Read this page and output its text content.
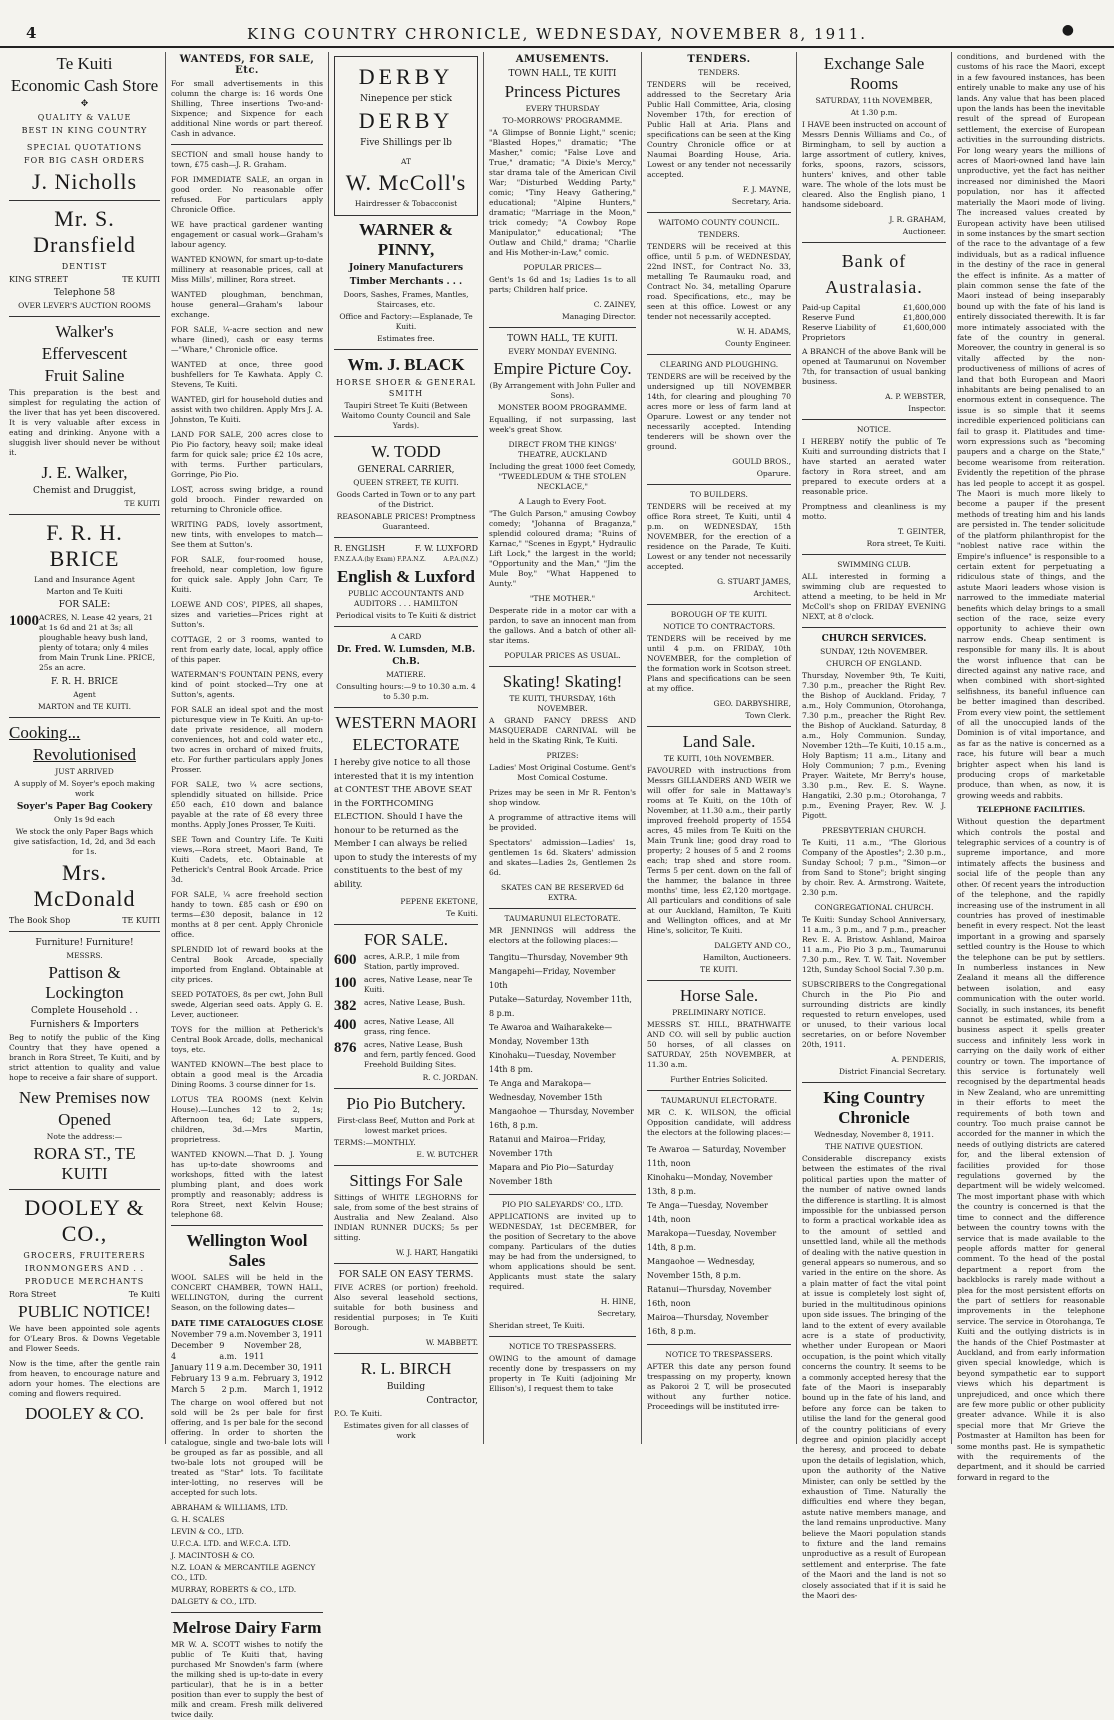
4	KING COUNTRY CHRONICLE, WEDNESDAY, NOVEMBER 8, 1911.	●
Te Kuiti
Economic Cash Store
✥
QUALITY & VALUE
BEST IN KING COUNTRY
SPECIAL QUOTATIONS
FOR BIG CASH ORDERS
J. Nicholls
Mr. S. Dransfield
DENTIST
KING STREET	TE KUITI
Telephone 58
OVER LEVER'S AUCTION ROOMS
Walker's
Effervescent
Fruit Saline

This preparation is the best and simplest for regulating the action of the liver that has yet been discovered. It is very valuable after excess in eating and drinking. Anyone with a sluggish liver should never be without it.

J. E. Walker,
Chemist and Druggist,
TE KUITI
F. R. H. BRICE
Land and Insurance Agent
Marton and Te Kuiti
FOR SALE:
1000 ACRES, N. Lease 42 years, 21 at 1s 6d and 21 at 3s; all ploughable heavy bush land, plenty of totara; only 4 miles from Main Trunk Line. PRICE, 25s an acre.
F. R. H. BRICE
Agent
MARTON and TE KUITI.
Cooking...
Revolutionised
JUST ARRIVED
A supply of M. Soyer's epoch making work
Soyer's Paper Bag Cookery
Only 1s 9d each
We stock the only Paper Bags which give satisfaction, 1d, 2d, and 3d each for 1s.
Mrs. McDonald
The Book Shop	TE KUITI
Furniture! Furniture!
MESSRS.
Pattison & Lockington
Complete Household . .
Furnishers & Importers

Beg to notify the public of the King Country that they have opened a branch in Rora Street, Te Kuiti, and by strict attention to quality and value hope to receive a fair share of support.

New Premises now
Opened
Note the address:—
RORA ST., TE KUITI
DOOLEY & CO.,
GROCERS, FRUITERERS
IRONMONGERS AND . .
PRODUCE MERCHANTS
Rora Street	Te Kuiti
PUBLIC NOTICE!

We have been appointed sole agents for O'Leary Bros. & Downs Vegetable and Flower Seeds.

Now is the time, after the gentle rain from heaven, to encourage nature and adorn your homes. The elections are coming and flowers required.

DOOLEY & CO.
WANTEDS, FOR SALE, Etc.

For small advertisements in this column the charge is: 16 words One Shilling, Three insertions Two-and-Sixpence; and Sixpence for each additional Nine words or part thereof. Cash in advance.

SECTION and small house handy to town, £75 cash—J. R. Graham.

FOR IMMEDIATE SALE, an organ in good order. No reasonable offer refused. For particulars apply Chronicle Office.

WE have practical gardener wanting engagement or casual work—Graham's labour agency.

WANTED KNOWN, for smart up-to-date millinery at reasonable prices, call at Miss Mills', milliner, Rora street.

WANTED ploughman, benchman, house general—Graham's labour exchange.

FOR SALE, ¼-acre section and new whare (lined), cash or easy terms—"Whare," Chronicle office.

WANTED at once, three good bushfellers for Te Kawhata. Apply C. Stevens, Te Kuiti.

WANTED, girl for household duties and assist with two children. Apply Mrs J. A. Johnston, Te Kuiti.

LAND FOR SALE, 200 acres close to Pio Pio factory, heavy soil; make ideal farm for quick sale; price £2 10s acre, with terms. Further particulars, Gorringe, Pio Pio.

LOST, across swing bridge, a round gold brooch. Finder rewarded on returning to Chronicle office.

WRITING PADS, lovely assortment, new tints, with envelopes to match—See them at Sutton's.

FOR SALE, four-roomed house, freehold, near completion, low figure for quick sale. Apply John Carr, Te Kuiti.

LOEWE AND COS', PIPES, all shapes, sizes and varieties—Prices right at Sutton's.

COTTAGE, 2 or 3 rooms, wanted to rent from early date, local, apply office of this paper.

WATERMAN'S FOUNTAIN PENS, every kind of point stocked—Try one at Sutton's, agents.

FOR SALE an ideal spot and the most picturesque view in Te Kuiti. An up-to-date private residence, all modern conveniences, hot and cold water etc., two acres in orchard of mixed fruits, etc. For further particulars apply Jones Prosser.

FOR SALE, two ¼ acre sections, splendidly situated on hillside. Price £50 each, £10 down and balance payable at the rate of £8 every three months. Apply Jones Prosser, Te Kuiti.

SEE Town and Country Life. Te Kuiti views,—Rora street, Maori Band, Te Kuiti Cadets, etc. Obtainable at Petherick's Central Book Arcade. Price 3d.

FOR SALE, ¼ acre freehold section handy to town. £85 cash or £90 on terms—£30 deposit, balance in 12 months at 8 per cent. Apply Chronicle office.

SPLENDID lot of reward books at the Central Book Arcade, specially imported from England. Obtainable at city prices.

SEED POTATOES, 8s per cwt, John Bull swede, Algerian seed oats. Apply G. E. Lever, auctioneer.

TOYS for the million at Petherick's Central Book Arcade, dolls, mechanical toys, etc.

WANTED KNOWN—The best place to obtain a good meal is the Arcadia Dining Rooms. 3 course dinner for 1s.

LOTUS TEA ROOMS (next Kelvin House).—Lunches 12 to 2, 1s; Afternoon tea, 6d; Late suppers, children, 3d.—Mrs Martin, proprietress.

WANTED KNOWN.—That D. J. Young has up-to-date showrooms and workshops, fitted with the latest plumbing plant, and does work promptly and reasonably; address is Rora Street, next Kelvin House; telephone 68.

Wellington Wool Sales

WOOL SALES will be held in the CONCERT CHAMBER, TOWN HALL, WELLINGTON, during the current Season, on the following dates—

DATE TIME CATALOGUES CLOSE
November 7 9 a.m. November 3, 1911
December 4
9 a.m.
November 28, 1911
January 11 9 a.m. December 30, 1911
February 13 9 a.m. February 3, 1912
March 5 2 p.m. March 1, 1912

The charge on wool offered but not sold will be 2s per bale for first offering, and 1s per bale for the second offering. In order to shorten the catalogue, single and two-bale lots will be grouped as far as possible, and all two-bale lots not grouped will be treated as "Star" lots. To facilitate inter-lotting, no reserves will be accepted for such lots.

ABRAHAM & WILLIAMS, LTD.
G. H. SCALES
LEVIN & CO., LTD.
U.F.C.A. LTD. and W.F.C.A. LTD.
J. MACINTOSH & CO.
N.Z. LOAN & MERCANTILE AGENCY CO., LTD.
MURRAY, ROBERTS & CO., LTD.
DALGETY & CO., LTD.
Melrose Dairy Farm

MR W. A. SCOTT wishes to notify the public of Te Kuiti that, having purchased Mr Snowden's farm (where the milking shed is up-to-date in every particular), that he is in a better position than ever to supply the best of milk and cream. Fresh milk delivered twice daily.

DERBY
Ninepence per stick
DERBY
Five Shillings per lb
AT
W. McColl's
Hairdresser & Tobacconist
WARNER & PINNY,
Joinery Manufacturers
Timber Merchants . . .
Doors, Sashes, Frames, Mantles, Staircases, etc.
Office and Factory:—Esplanade, Te Kuiti.
Estimates free.
Wm. J. BLACK
HORSE SHOER & GENERAL SMITH
Taupiri Street Te Kuiti (Between Waitomo County Council and Sale Yards).
W. TODD
GENERAL CARRIER,
QUEEN STREET, TE KUITI.
Goods Carted in Town or to any part of the District.
REASONABLE PRICES! Promptness Guaranteed.
R. ENGLISH	F. W. LUXFORD
F.N.Z.A.A.(by Exam) F.P.A.N.Z.	A.P.A.(N.Z.)
English & Luxford
PUBLIC ACCOUNTANTS AND AUDITORS . . . HAMILTON
Periodical visits to Te Kuiti & district
A CARD
Dr. Fred. W. Lumsden, M.B. Ch.B.
MATIERE.
Consulting hours:—9 to 10.30 a.m. 4 to 5.30 p.m.
WESTERN MAORI
ELECTORATE

I hereby give notice to all those interested that it is my intention at CONTEST THE ABOVE SEAT in the FORTHCOMING ELECTION. Should I have the honour to be returned as the Member I can always be relied upon to study the interests of my constituents to the best of my ability.

PEPENE EKETONE,
Te Kuiti.
FOR SALE.
600	acres, A.R.P., 1 mile from Station, partly improved.
100	acres, Native Lease, near Te Kuiti.
382	acres, Native Lease, Bush.
400	acres, Native Lease, All grass, ring fence.
876	acres, Native Lease, Bush and fern, partly fenced. Good Freehold Building Sites.
R. C. JORDAN.
Pio Pio Butchery.
First-class Beef, Mutton and Pork at lowest market prices.
TERMS:—MONTHLY.
E. W. BUTCHER
Sittings For Sale

Sittings of WHITE LEGHORNS for sale, from some of the best strains of Australia and New Zealand. Also INDIAN RUNNER DUCKS; 5s per sitting.

W. J. HART, Hangatiki
FOR SALE ON EASY TERMS.

FIVE ACRES (or portion) freehold. Also several leasehold sections, suitable for both business and residential purposes; in Te Kuiti Borough.

W. MABBETT.
R. L. BIRCH
Building
Contractor,
P.O. Te Kuiti.
Estimates given for all classes of work
AMUSEMENTS.
TOWN HALL, TE KUITI
Princess Pictures
EVERY THURSDAY
TO-MORROWS' PROGRAMME.

"A Glimpse of Bonnie Light," scenic; "Blasted Hopes," dramatic; "The Masher," comic; "False Love and True," dramatic; "A Dixie's Mercy," star drama tale of the American Civil War; "Disturbed Wedding Party," comic; "Tiny Heavy Gathering," educational; "Alpine Hunters," dramatic; "Marriage in the Moon," trick comedy; "A Cowboy Rope Manipulator," educational; "The Outlaw and Child," drama; "Charlie and His Mother-in-Law," comic.

POPULAR PRICES—

Gent's 1s 6d and 1s; Ladies 1s to all parts; Children half price.

C. ZAINEY,
Managing Director.
TOWN HALL, TE KUITI.
EVERY MONDAY EVENING.
Empire Picture Coy.
(By Arrangement with John Fuller and Sons).
MONSTER BOOM PROGRAMME.

Equalling, if not surpassing, last week's great Show.

DIRECT FROM THE KINGS' THEATRE, AUCKLAND

Including the great 1000 feet Comedy, "TWEEDLEDUM & THE STOLEN NECKLACE,"

A Laugh to Every Foot.

"The Gulch Parson," amusing Cowboy comedy; "Johanna of Braganza," splendid coloured drama; "Ruins of Karnac," "Scenes in Egypt," Hydraulic Lift Lock," the largest in the world; "Opportunity and the Man," "Jim the Mule Boy," "What Happened to Aunty."

"THE MOTHER."

Desperate ride in a motor car with a pardon, to save an innocent man from the gallows. And a batch of other all-star items.

POPULAR PRICES AS USUAL.
Skating! Skating!
TE KUITI, THURSDAY, 16th NOVEMBER.

A GRAND FANCY DRESS AND MASQUERADE CARNIVAL will be held in the Skating Rink, Te Kuiti.

PRIZES:

Ladies' Most Original Costume. Gent's Most Comical Costume.

Prizes may be seen in Mr R. Fenton's shop window.

A programme of attractive items will be provided.

Spectators' admission—Ladies' 1s, gentlemen 1s 6d. Skaters' admission and skates—Ladies 2s, Gentlemen 2s 6d.

SKATES CAN BE RESERVED 6d EXTRA.
TAUMARUNUI ELECTORATE.

MR JENNINGS will address the electors at the following places:—

Tangitu—Thursday, November 9th
Mangapehi—Friday, November 10th
Putake—Saturday, November 11th, 8 p.m.
Te Awaroa and Waiharakeke—Monday, November 13th
Kinohaku—Tuesday, November 14th 8 pm.
Te Anga and Marakopa—Wednesday, November 15th
Mangaohoe — Thursday, November 16th, 8 p.m.
Ratanui and Mairoa—Friday, November 17th
Mapara and Pio Pio—Saturday November 18th
PIO PIO SALEYARDS' CO., LTD.

APPLICATIONS are invited up to WEDNESDAY, 1st DECEMBER, for the position of Secretary to the above company. Particulars of the duties may be had from the undersigned, to whom applications should be sent. Applicants must state the salary required.

H. HINE,
Secretary,
Sheridan street, Te Kuiti.
NOTICE TO TRESPASSERS.

OWING to the amount of damage recently done by trespassers on my property in Te Kuiti (adjoining Mr Ellison's), I request them to take

TENDERS.
TENDERS.

TENDERS will be received, addressed to the Secretary Aria Public Hall Committee, Aria, closing November 17th, for erection of Public Hall at Aria. Plans and specifications can be seen at the King Country Chronicle office or at Naumai Boarding House, Aria. Lowest or any tender not necessarily accepted.

F. J. MAYNE,
Secretary, Aria.
WAITOMO COUNTY COUNCIL.
TENDERS.

TENDERS will be received at this office, until 5 p.m. of WEDNESDAY, 22nd INST., for Contract No. 33, metalling Te Raumauku road, and Contract No. 34, metalling Oparure road. Specifications, etc., may be seen at this office. Lowest or any tender not necessarily accepted.

W. H. ADAMS,
County Engineer.
CLEARING AND PLOUGHING.

TENDERS are will be received by the undersigned up till NOVEMBER 14th, for clearing and ploughing 70 acres more or less of farm land at Oparure. Lowest or any tender not necessarily accepted. Intending tenderers will be shown over the ground.

GOULD BROS.,
Oparure.
TO BUILDERS.

TENDERS will be received at my office Rora street, Te Kuiti, until 4 p.m. on WEDNESDAY, 15th NOVEMBER, for the erection of a residence on the Parade, Te Kuiti. Lowest or any tender not necessarily accepted.

G. STUART JAMES,
Architect.
BOROUGH OF TE KUITI.
NOTICE TO CONTRACTORS.

TENDERS will be received by me until 4 p.m. on FRIDAY, 10th NOVEMBER, for the completion of the formation work in Scotson street. Plans and specifications can be seen at my office.

GEO. DARBYSHIRE,
Town Clerk.
Land Sale.
TE KUITI, 10th NOVEMBER.

FAVOURED with instructions from Messrs GILLANDERS AND WEIR we will offer for sale in Mattaway's rooms at Te Kuiti, on the 10th of November, at 11.30 a.m., their partly improved freehold property of 1554 acres, 45 miles from Te Kuiti on the Main Trunk line; good dray road to property; 2 houses of 5 and 2 rooms each; trap shed and store room. Terms 5 per cent. down on the fall of the hammer, the balance in three months' time, less £2,120 mortgage. All particulars and conditions of sale at our Auckland, Hamilton, Te Kuiti and Wellington offices, and at Mr Hine's, solicitor, Te Kuiti.

DALGETY AND CO.,
Hamilton, Auctioneers.
TE KUITI.
Horse Sale.
PRELIMINARY NOTICE.

MESSRS ST. HILL, BRATHWAITE AND CO. will sell by public auction 50 horses, of all classes on SATURDAY, 25th NOVEMBER, at 11.30 a.m.

Further Entries Solicited.
TAUMARUNUI ELECTORATE.

MR C. K. WILSON, the official Opposition candidate, will address the electors at the following places:—

Te Awaroa — Saturday, November 11th, noon
Kinohaku—Monday, November 13th, 8 p.m.
Te Anga—Tuesday, November 14th, noon
Marakopa—Tuesday, November 14th, 8 p.m.
Mangaohoe — Wednesday, November 15th, 8 p.m.
Ratanui—Thursday, November 16th, noon
Mairoa—Thursday, November 16th, 8 p.m.
NOTICE TO TRESPASSERS.

AFTER this date any person found trespassing on my property, known as Pakoroi 2 T, will be prosecuted without any further notice. Proceedings will be instituted irre-

Exchange Sale Rooms
SATURDAY, 11th NOVEMBER,
At 1.30 p.m.

I HAVE been instructed on account of Messrs Dennis Williams and Co., of Birmingham, to sell by auction a large assortment of cutlery, knives, forks, spoons, razors, scissors, hunters' knives, and other table ware. The whole of the lots must be cleared. Also the English piano, 1 handsome sideboard.

J. R. GRAHAM,
Auctioneer.
Bank of Australasia.
Paid-up Capital	£1,600,000
Reserve Fund	£1,800,000
Reserve Liability of Proprietors
£1,600,000

A BRANCH of the above Bank will be opened at Taumarunui on November 7th, for transaction of usual banking business.

A. P. WEBSTER,
Inspector.
NOTICE.

I HEREBY notify the public of Te Kuiti and surrounding districts that I have started an aerated water factory in Rora street, and am prepared to execute orders at a reasonable price.

Promptness and cleanliness is my motto.

T. GEINTER,
Rora street, Te Kuiti.
SWIMMING CLUB.

ALL interested in forming a swimming club are requested to attend a meeting, to be held in Mr McColl's shop on FRIDAY EVENING NEXT, at 8 o'clock.

CHURCH SERVICES.
SUNDAY, 12th NOVEMBER.
CHURCH OF ENGLAND.

Thursday, November 9th, Te Kuiti, 7.30 p.m., preacher the Right Rev. the Bishop of Auckland. Friday, 7 a.m., Holy Communion, Otorohanga, 7.30 p.m., preacher the Right Rev. the Bishop of Auckland. Saturday, 8 a.m., Holy Communion. Sunday, November 12th—Te Kuiti, 10.15 a.m., Holy Baptism; 11 a.m., Litany and Holy Communion; 7 p.m., Evening Prayer. Waitete, Mr Berry's house, 3.30 p.m., Rev. E. S. Wayne. Hangatiki, 2.30 p.m.; Otorohanga, 7 p.m., Evening Prayer, Rev. W. J. Pigott.

PRESBYTERIAN CHURCH.

Te Kuiti, 11 a.m., "The Glorious Company of the Apostles"; 2.30 p.m., Sunday School; 7 p.m., "Simon—or from Sand to Stone"; bright singing by choir. Rev. A. Armstrong. Waitete, 2.30 p.m.

CONGREGATIONAL CHURCH.

Te Kuiti: Sunday School Anniversary, 11 a.m., 3 p.m., and 7 p.m., preacher Rev. E. A. Bristow. Ashland, Mairoa 11 a.m., Pio Pio 3 p.m., Taumarunui 7.30 p.m., Rev. T. W. Tait. November 12th, Sunday School Social 7.30 p.m.

SUBSCRIBERS to the Congregational Church in the Pio Pio and surrounding districts are kindly requested to return envelopes, used or unused, to their various local secretaries, on or before November 20th, 1911.

A. PENDERIS,
District Financial Secretary.
King Country Chronicle
Wednesday, November 8, 1911.
THE NATIVE QUESTION.

Considerable discrepancy exists between the estimates of the rival political parties upon the matter of the number of native owned lands the difference is startling. It is almost impossible for the unbiassed person to form a practical workable idea as to the amount of settled and unsettled land, while all the methods of dealing with the native question in general appears so numerous, and so varied in the entire on the shore. As a plain matter of fact the vital point at issue is completely lost sight of, buried in the multitudinous opinions upon side issues. The bringing of the land to the extent of every available acre is a state of productivity, whether under European or Maori occupation, is the point which vitally concerns the country. It seems to be a commonly accepted heresy that the fate of the Maori is inseparably bound up in the fate of his land, and before any force can be taken to utilise the land for the general good of the country politicians of every degree and opinion placidly accept the heresy, and proceed to debate upon the details of legislation, which, upon the authority of the Native Minister, can only be settled by the exhaustion of Time. Naturally the difficulties end where they began, astute native members manage, and the land remains unproductive. Many believe the Maori population stands to fixture and the land remains unproductive as a result of European settlement and enterprise. The fate of the Maori and the land is not so closely associated that if it is said he the Maori des-

conditions, and burdened with the customs of his race the Maori, except in a few favoured instances, has been entirely unable to make any use of his lands. Any value that has been placed upon the lands has been the inevitable result of the spread of European settlement, the exercise of European activities in the surrounding districts. For long weary years the millions of acres of Maori-owned land have lain unproductive, yet the fact has neither increased nor diminished the Maori population, nor has it affected materially the Maori mode of living. The increased values created by European activity have been utilised in some instances by the smart section of the race to the advantage of a few individuals, but as a radical influence in the destiny of the race in general the effect is infinite. As a matter of plain common sense the fate of the Maori instead of being inseparably bound up with the fate of his land is entirely dissociated therewith. It is far more intimately associated with the fate of the country in general. Moreover, the country in general is so vitally affected by the non-productiveness of millions of acres of land that both European and Maori inhabitants are being penalised to an enormous extent in consequence. The issue is so simple that it seems incredible experienced politicians can fail to grasp it. Platitudes and time-worn expressions such as "becoming paupers and a charge on the State," become wearisome from reiteration. Evidently the repetition of the phrase has led people to accept it as gospel. The Maori is much more likely to become a pauper if the present methods of treating him and his lands are persisted in. The tender solicitude of the platform philanthropist for the "noblest native race within the Empire's influence" is responsible to a certain extent for perpetuating a ridiculous state of things, and the astute Maori leaders whose vision is narrowed to the immediate material benefits which delay brings to a small section of the race, seize every opportunity to achieve their own narrow ends. Cheap sentiment is responsible for many ills. It is about the worst influence that can be directed against any native race, and when combined with short-sighted selfishness, its baneful influence can be better imagined than described. From every view point, the settlement of all the unoccupied lands of the Dominion is of vital importance, and as far as the native is concerned as a race, his future will bear a much brighter aspect when his land is producing crops of marketable produce, than when, as now, it is growing weeds and rabbits.

TELEPHONE FACILITIES.

Without question the department which controls the postal and telegraphic services of a country is of supreme importance, and more intimately affects the business and social life of the people than any other. Of recent years the introduction of the telephone, and the rapidly increasing use of the instrument in all countries has proved of inestimable benefit in every respect. Not the least important in a growing and sparsely settled country is the House to which the telephone can be put by settlers. In numberless instances in New Zealand it means all the difference between isolation, and easy communication with the outer world. Socially, in such instances, its benefit cannot be estimated, while from a business aspect it spells greater success and infinitely less work in carrying on the daily work of either country or town. The importance of this service is fortunately well recognised by the departmental heads in New Zealand, who are unremitting in their efforts to meet the requirements of both town and country. Too much praise cannot be accorded for the manner in which the needs of outlying districts are catered for, and the liberal extension of facilities provided for those regulations governed by the department will be widely welcomed. The most important phase with which the country is concerned is that the time to connect and the difference between the country towns with the service that is made available to the people affords matter for general comment. To the head of the postal department a report from the backblocks is rarely made without a plea for the most persistent efforts on the part of settlers for reasonable improvements in the telephone service. The service in Otorohanga, Te Kuiti and the outlying districts is in the hands of the Chief Postmaster at Auckland, and from early information given special knowledge, which is beyond sympathetic ear to support views which his department is unprejudiced, and once which there are few more public or other publicity greater advance. While it is also special more that Mr Grieve the Postmaster at Hamilton has been for some months past. He is sympathetic with the requirements of the department, and it should be carried forward in regard to the
